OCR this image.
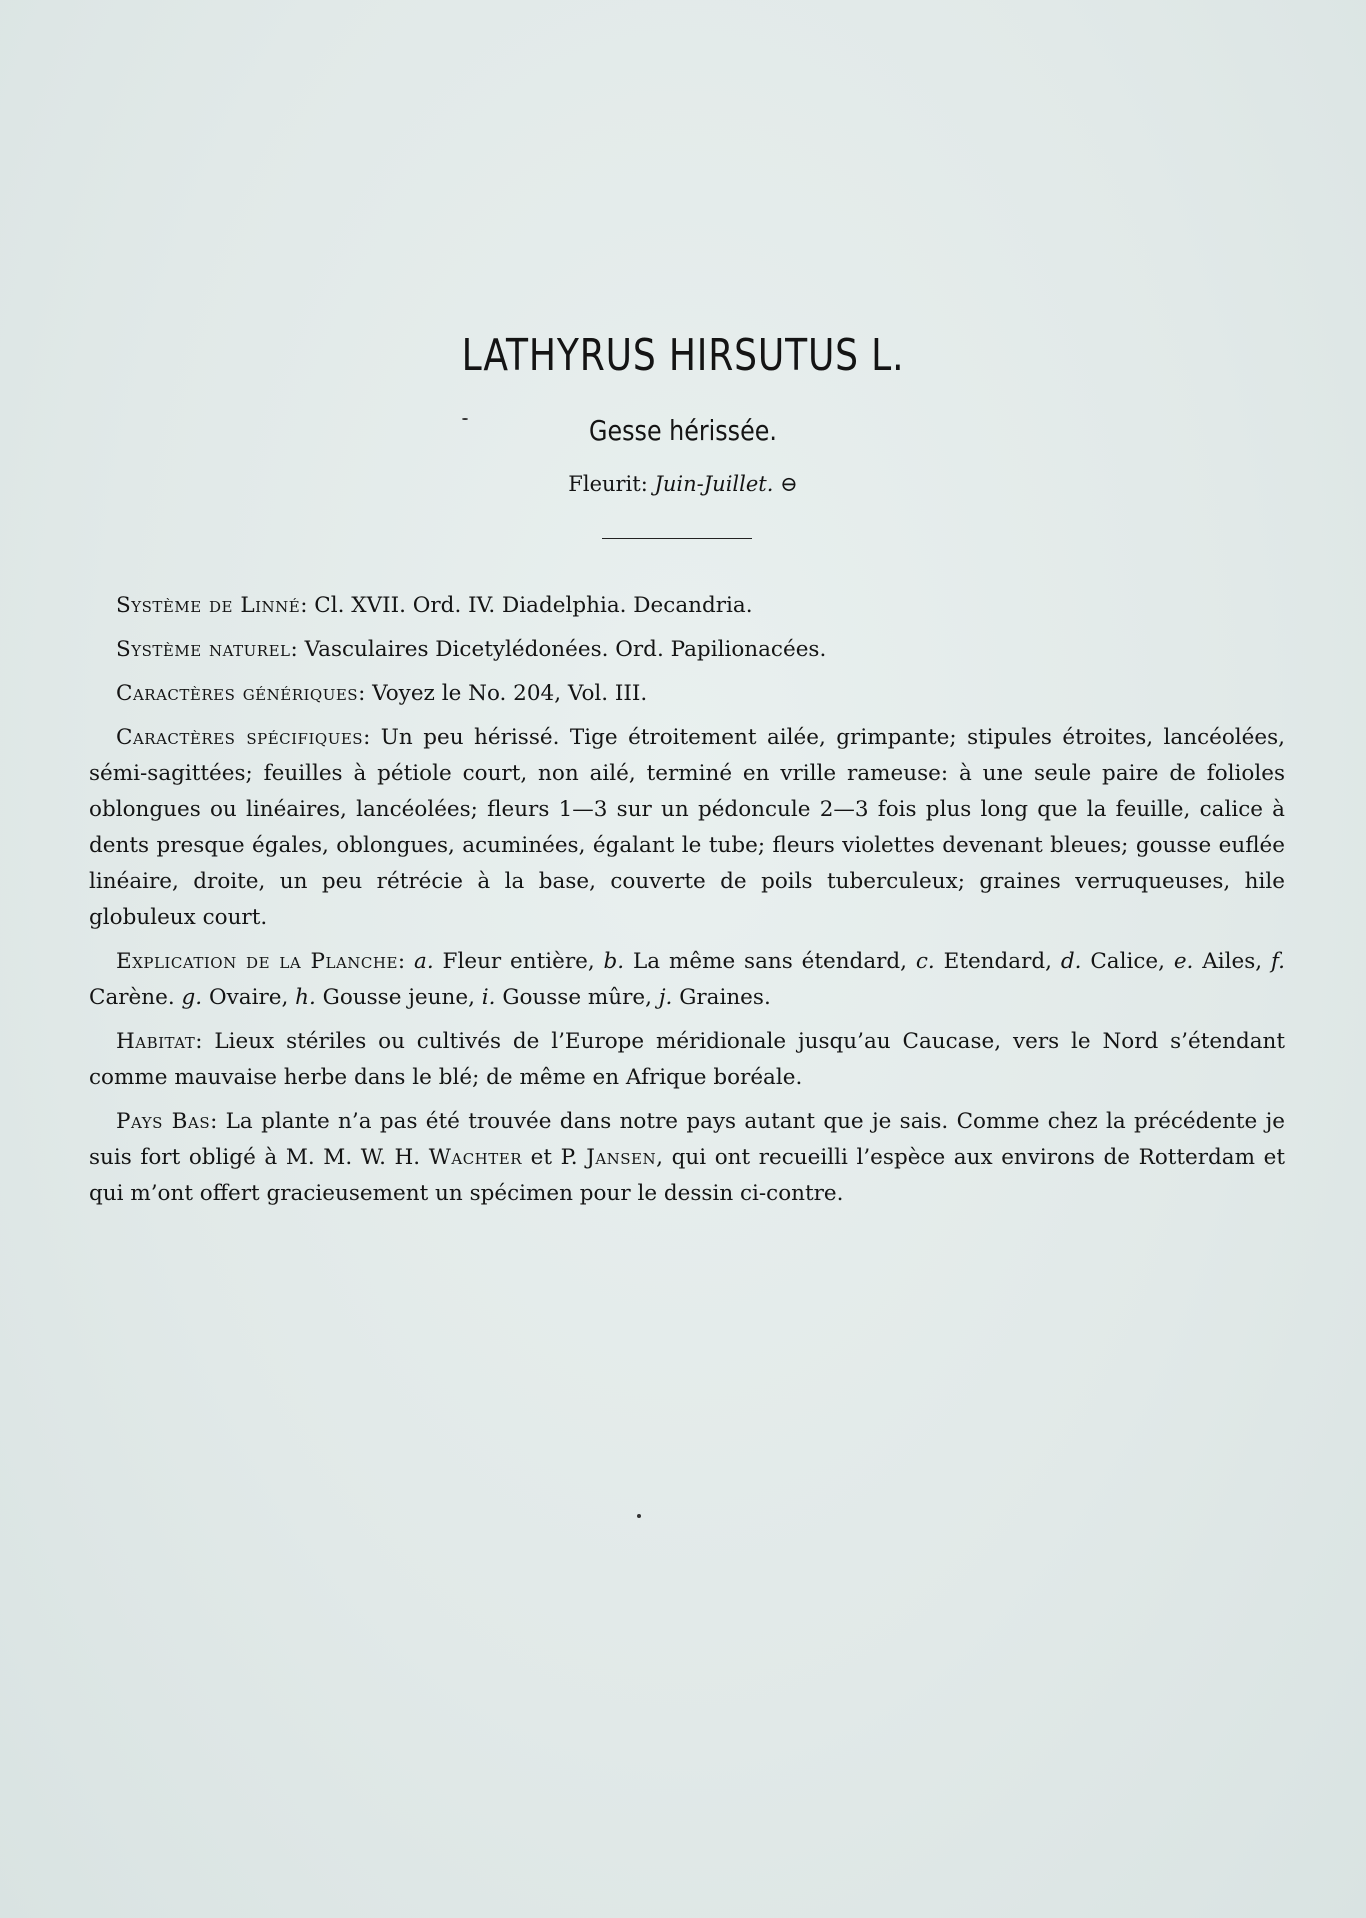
LATHYRUS HIRSUTUS L.
Gesse hérissée.
Fleurit: Juin-Juillet. ⊖

Système de Linné: Cl. XVII. Ord. IV. Diadelphia. Decandria.

Système naturel: Vasculaires Dicetylédonées. Ord. Papilionacées.

Caractères génériques: Voyez le No. 204, Vol. III.

Caractères spécifiques: Un peu hérissé. Tige étroitement ailée, grimpante; stipules étroites, lancéolées, sémi-sagittées; feuilles à pétiole court, non ailé, terminé en vrille rameuse: à une seule paire de folioles oblongues ou linéaires, lancéolées; fleurs 1—3 sur un pédoncule 2—3 fois plus long que la feuille, calice à dents presque égales, oblongues, acuminées, égalant le tube; fleurs violettes devenant bleues; gousse euflée linéaire, droite, un peu rétrécie à la base, couverte de poils tuberculeux; graines verruqueuses, hile globuleux court.

Explication de la Planche: a. Fleur entière, b. La même sans étendard, c. Etendard, d. Calice, e. Ailes, f. Carène. g. Ovaire, h. Gousse jeune, i. Gousse mûre, j. Graines.

Habitat: Lieux stériles ou cultivés de l’Europe méridionale jusqu’au Caucase, vers le Nord s’étendant comme mauvaise herbe dans le blé; de même en Afrique boréale.

Pays Bas: La plante n’a pas été trouvée dans notre pays autant que je sais. Comme chez la précédente je suis fort obligé à M. M. W. H. Wachter et P. Jansen, qui ont recueilli l’espèce aux environs de Rotterdam et qui m’ont offert gracieusement un spécimen pour le dessin ci-contre.
